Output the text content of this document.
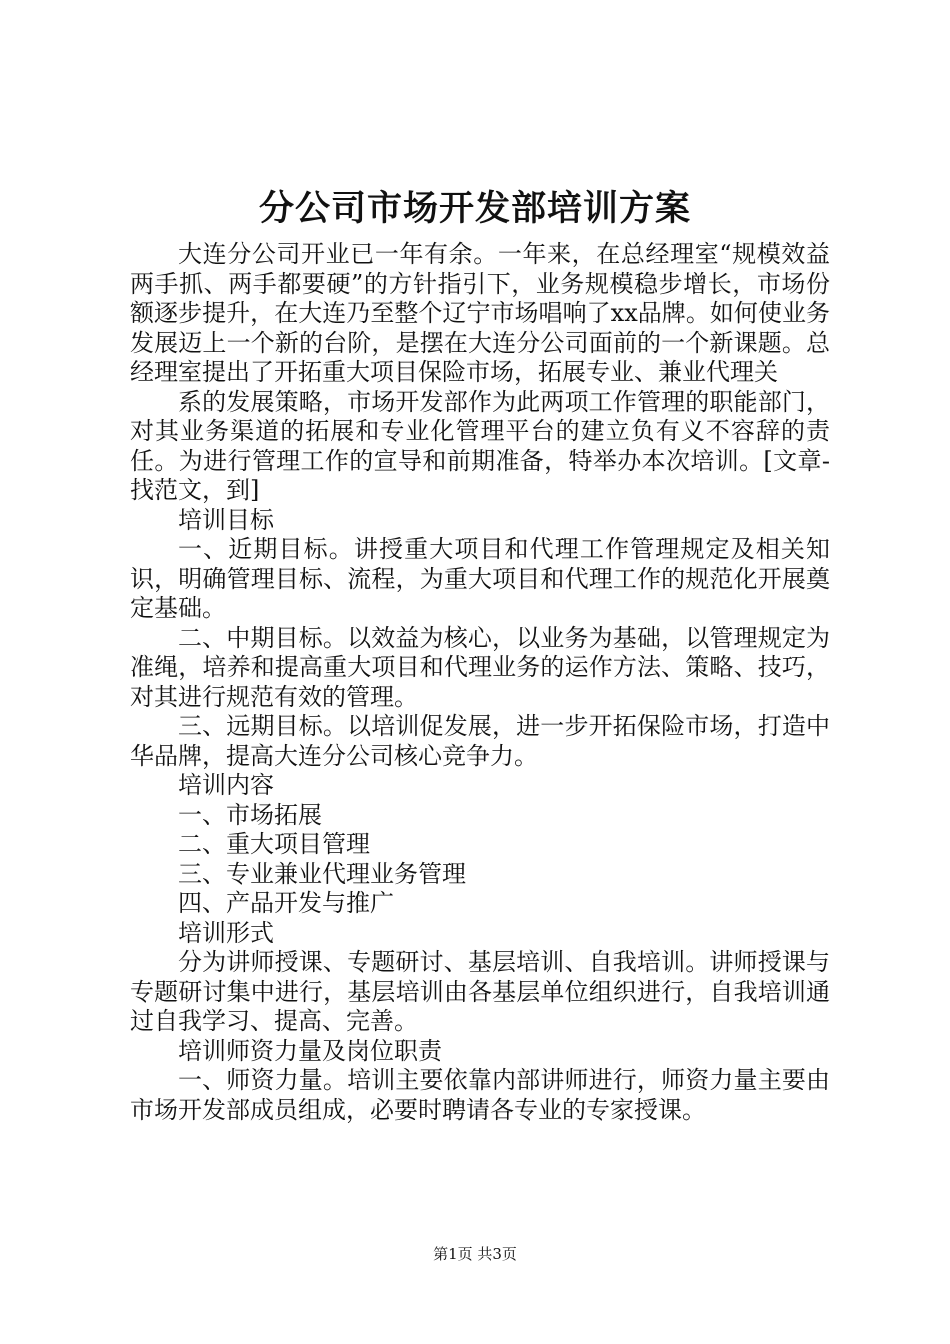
分公司市场开发部培训方案

大连分公司开业已一年有余。一年来，在总经理室“规模效益两手抓、两手都要硬”的方针指引下，业务规模稳步增长，市场份额逐步提升，在大连乃至整个辽宁市场唱响了xx品牌。如何使业务发展迈上一个新的台阶，是摆在大连分公司面前的一个新课题。总经理室提出了开拓重大项目保险市场，拓展专业、兼业代理关

系的发展策略，市场开发部作为此两项工作管理的职能部门，对其业务渠道的拓展和专业化管理平台的建立负有义不容辞的责任。为进行管理工作的宣导和前期准备，特举办本次培训。[文章-找范文，到]

培训目标

一、近期目标。讲授重大项目和代理工作管理规定及相关知识，明确管理目标、流程，为重大项目和代理工作的规范化开展奠定基础。

二、中期目标。以效益为核心，以业务为基础，以管理规定为准绳，培养和提高重大项目和代理业务的运作方法、策略、技巧，对其进行规范有效的管理。

三、远期目标。以培训促发展，进一步开拓保险市场，打造中华品牌，提高大连分公司核心竞争力。

培训内容

一、市场拓展

二、重大项目管理

三、专业兼业代理业务管理

四、产品开发与推广

培训形式

分为讲师授课、专题研讨、基层培训、自我培训。讲师授课与专题研讨集中进行，基层培训由各基层单位组织进行，自我培训通过自我学习、提高、完善。

培训师资力量及岗位职责

一、师资力量。培训主要依靠内部讲师进行，师资力量主要由市场开发部成员组成，必要时聘请各专业的专家授课。

第1页 共3页
